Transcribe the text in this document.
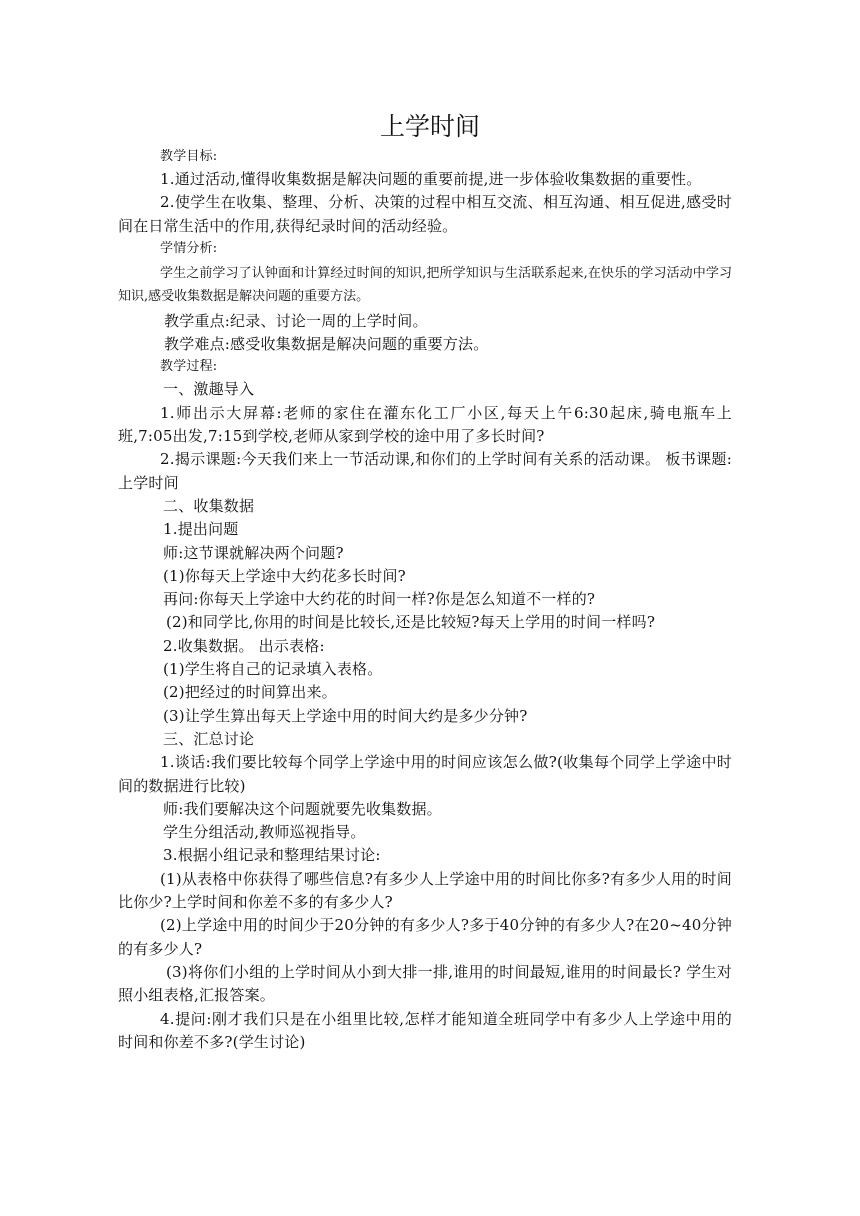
上学时间

教学目标:

1.通过活动,懂得收集数据是解决问题的重要前提,进一步体验收集数据的重要性。

2.使学生在收集、整理、分析、决策的过程中相互交流、相互沟通、相互促进,感受时间在日常生活中的作用,获得纪录时间的活动经验。

学情分析:

学生之前学习了认钟面和计算经过时间的知识,把所学知识与生活联系起来,在快乐的学习活动中学习知识,感受收集数据是解决问题的重要方法。

教学重点:纪录、讨论一周的上学时间。

教学难点:感受收集数据是解决问题的重要方法。

教学过程:

一、激趣导入

1.师出示大屏幕:老师的家住在灌东化工厂小区,每天上午6:30起床,骑电瓶车上班,7:05出发,7:15到学校,老师从家到学校的途中用了多长时间?

2.揭示课题:今天我们来上一节活动课,和你们的上学时间有关系的活动课。 板书课题:上学时间

二、收集数据

1.提出问题

师:这节课就解决两个问题?

(1)你每天上学途中大约花多长时间?

再问:你每天上学途中大约花的时间一样?你是怎么知道不一样的?

(2)和同学比,你用的时间是比较长,还是比较短?每天上学用的时间一样吗?

2.收集数据。 出示表格:

(1)学生将自己的记录填入表格。

(2)把经过的时间算出来。

(3)让学生算出每天上学途中用的时间大约是多少分钟?

三、汇总讨论

1.谈话:我们要比较每个同学上学途中用的时间应该怎么做?(收集每个同学上学途中时间的数据进行比较)

师:我们要解决这个问题就要先收集数据。

学生分组活动,教师巡视指导。

3.根据小组记录和整理结果讨论:

(1)从表格中你获得了哪些信息?有多少人上学途中用的时间比你多?有多少人用的时间比你少?上学时间和你差不多的有多少人?

(2)上学途中用的时间少于20分钟的有多少人?多于40分钟的有多少人?在20~40分钟的有多少人?

(3)将你们小组的上学时间从小到大排一排,谁用的时间最短,谁用的时间最长? 学生对照小组表格,汇报答案。

4.提问:刚才我们只是在小组里比较,怎样才能知道全班同学中有多少人上学途中用的时间和你差不多?(学生讨论)
